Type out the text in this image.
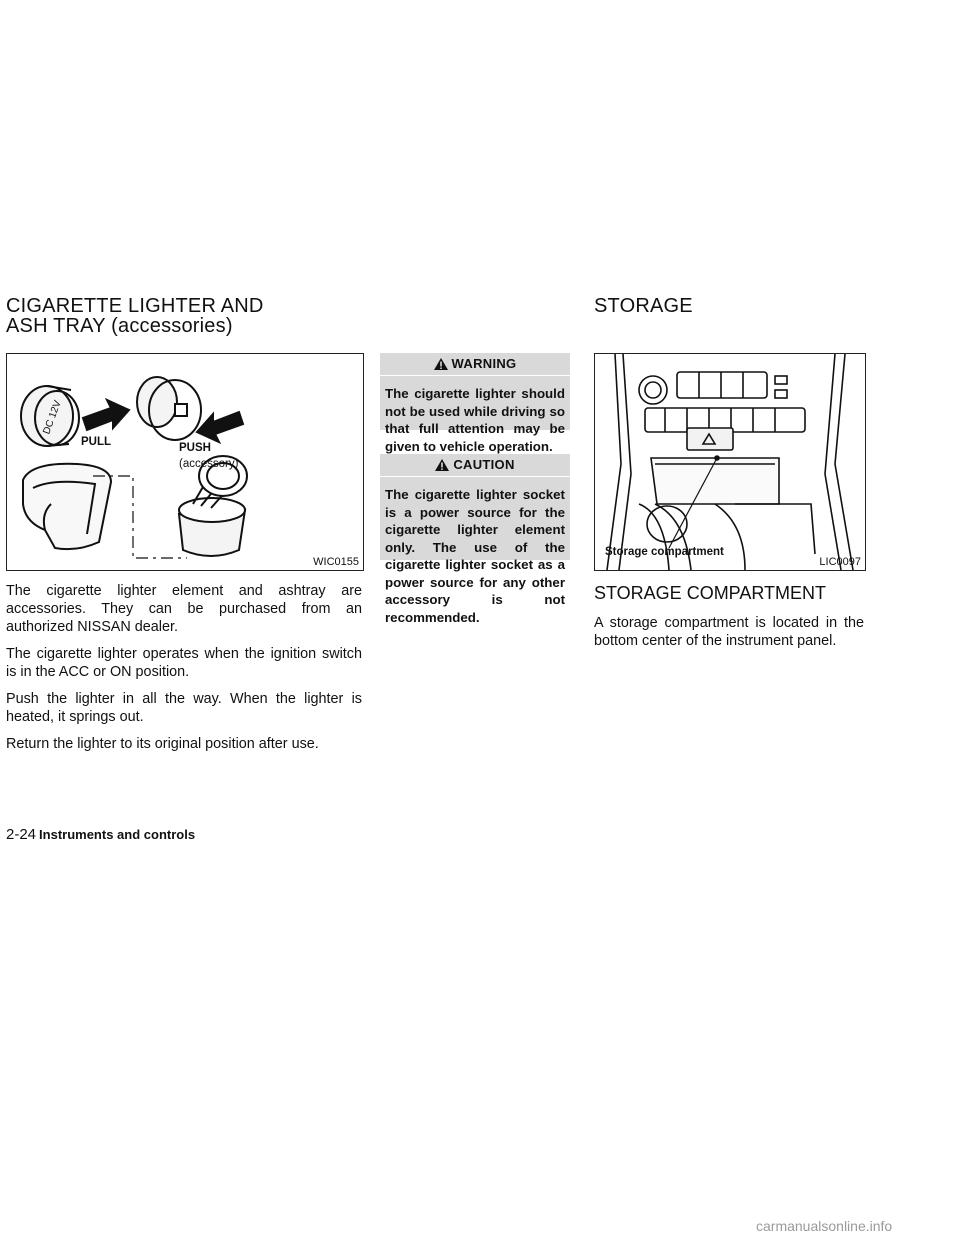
CIGARETTE LIGHTER AND
ASH TRAY (accessories)
STORAGE
DC 12V
PULL	PUSH
(accessory)
WIC0155

The cigarette lighter element and ashtray are accessories. They can be purchased from an authorized NISSAN dealer.

The cigarette lighter operates when the ignition switch is in the ACC or ON position.

Push the lighter in all the way. When the lighter is heated, it springs out.

Return the lighter to its original position after use.

WARNING
The cigarette lighter should not be used while driving so that full attention may be given to vehicle operation.
CAUTION
The cigarette lighter socket is a power source for the cigarette lighter element only. The use of the cigarette lighter socket as a power source for any other accessory is not recommended.
Storage compartment
LIC0097
STORAGE COMPARTMENT

A storage compartment is located in the bottom center of the instrument panel.

2-24 Instruments and controls
carmanualsonline.info
